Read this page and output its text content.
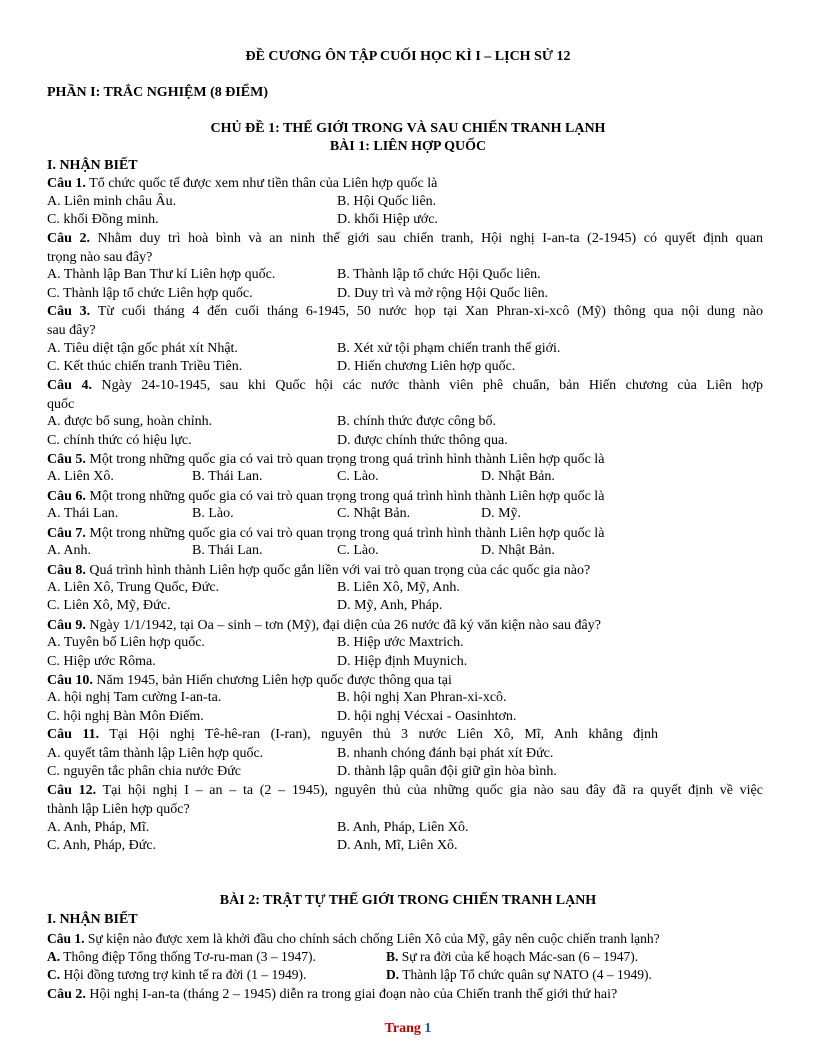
ĐỀ CƯƠNG ÔN TẬP CUỐI HỌC KÌ I – LỊCH SỬ 12
PHẦN I: TRẮC NGHIỆM (8 ĐIỂM)
CHỦ ĐỀ 1: THẾ GIỚI TRONG VÀ SAU CHIẾN TRANH LẠNH
BÀI 1: LIÊN HỢP QUỐC
I. NHẬN BIẾT
Câu 1. Tổ chức quốc tế được xem như tiền thân của Liên hợp quốc là
A. Liên minh châu Âu.	B. Hội Quốc liên.
C. khối Đồng minh.	D. khối Hiệp ước.
Câu 2. Nhằm duy trì hoà bình và an ninh thế giới sau chiến tranh, Hội nghị I-an-ta (2-1945) có quyết định quan
trọng nào sau đây?
A. Thành lập Ban Thư kí Liên hợp quốc.	B. Thành lập tổ chức Hội Quốc liên.
C. Thành lập tổ chức Liên hợp quốc.	D. Duy trì và mở rộng Hội Quốc liên.
Câu 3. Từ cuối tháng 4 đến cuối tháng 6-1945, 50 nước họp tại Xan Phran-xi-xcô (Mỹ) thông qua nội dung nào
sau đây?
A. Tiêu diệt tận gốc phát xít Nhật.	B. Xét xử tội phạm chiến tranh thế giới.
C. Kết thúc chiến tranh Triều Tiên.	D. Hiến chương Liên hợp quốc.
Câu 4. Ngày 24-10-1945, sau khi Quốc hội các nước thành viên phê chuẩn, bản Hiến chương của Liên hợp
quốc
A. được bổ sung, hoàn chỉnh.	B. chính thức được công bố.
C. chính thức có hiệu lực.	D. được chính thức thông qua.
Câu 5. Một trong những quốc gia có vai trò quan trọng trong quá trình hình thành Liên hợp quốc là
A. Liên Xô.	B. Thái Lan.	C. Lào.	D. Nhật Bản.
Câu 6. Một trong những quốc gia có vai trò quan trọng trong quá trình hình thành Liên hợp quốc là
A. Thái Lan.	B. Lào.	C. Nhật Bản.	D. Mỹ.
Câu 7. Một trong những quốc gia có vai trò quan trọng trong quá trình hình thành Liên hợp quốc là
A. Anh.	B. Thái Lan.	C. Lào.	D. Nhật Bản.
Câu 8. Quá trình hình thành Liên hợp quốc gắn liền với vai trò quan trọng của các quốc gia nào?
A. Liên Xô, Trung Quốc, Đức.	B. Liên Xô, Mỹ, Anh.
C. Liên Xô, Mỹ, Đức.	D. Mỹ, Anh, Pháp.
Câu 9. Ngày 1/1/1942, tại Oa – sinh – tơn (Mỹ), đại diện của 26 nước đã ký văn kiện nào sau đây?
A. Tuyên bố Liên hợp quốc.	B. Hiệp ước Maxtrich.
C. Hiệp ước Rôma.	D. Hiệp định Muynich.
Câu 10. Năm 1945, bản Hiến chương Liên hợp quốc được thông qua tại
A. hội nghị Tam cường I-an-ta.	B. hội nghị Xan Phran-xi-xcô.
C. hội nghị Bàn Môn Điếm.	D. hội nghị Vécxai - Oasinhtơn.
Câu 11. Tại Hội nghị Tê-hê-ran (I-ran), nguyên thủ 3 nước Liên Xô, Mĩ, Anh khẳng định
A. quyết tâm thành lập Liên hợp quốc.	B. nhanh chóng đánh bại phát xít Đức.
C. nguyên tắc phân chia nước Đức	D. thành lập quân đội giữ gìn hòa bình.
Câu 12. Tại hội nghị I – an – ta (2 – 1945), nguyên thủ của những quốc gia nào sau đây đã ra quyết định về việc
thành lập Liên hợp quốc?
A. Anh, Pháp, Mĩ.	B. Anh, Pháp, Liên Xô.
C. Anh, Pháp, Đức.	D. Anh, Mĩ, Liên Xô.
BÀI 2: TRẬT TỰ THẾ GIỚI TRONG CHIẾN TRANH LẠNH
I. NHẬN BIẾT
Câu 1. Sự kiện nào được xem là khởi đầu cho chính sách chống Liên Xô của Mỹ, gây nên cuộc chiến tranh lạnh?
A. Thông điệp Tổng thống Tơ-ru-man (3 – 1947).	B. Sự ra đời của kế hoạch Mác-san (6 – 1947).
C. Hội đồng tương trợ kinh tế ra đời (1 – 1949).	D. Thành lập Tổ chức quân sự NATO (4 – 1949).
Câu 2. Hội nghị I-an-ta (tháng 2 – 1945) diễn ra trong giai đoạn nào của Chiến tranh thế giới thứ hai?
Trang 1
